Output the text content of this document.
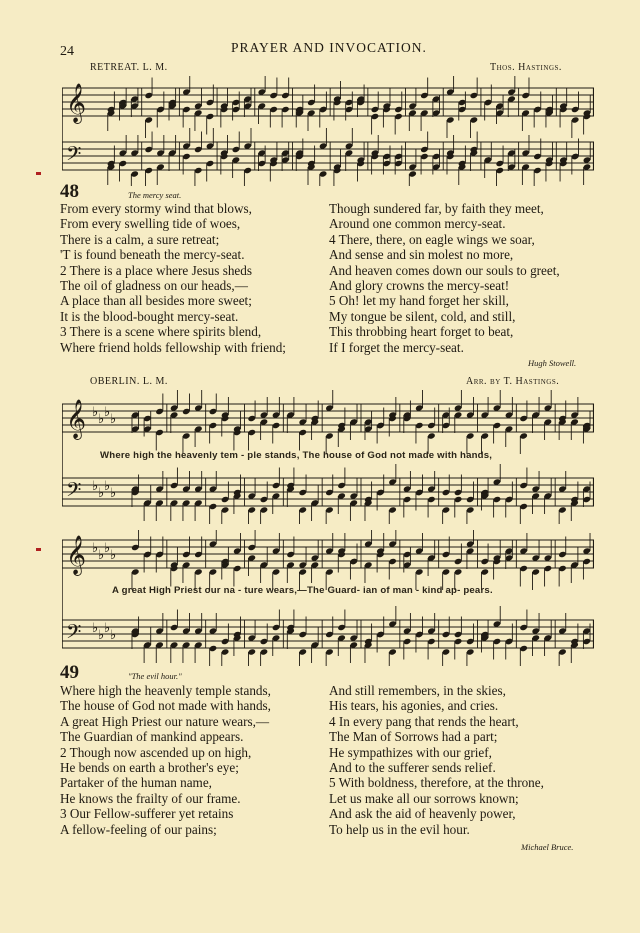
24	PRAYER AND INVOCATION.
RETREAT. L. M.	Thos. Hastings.
𝄞
𝄢
48	The mercy seat.
From every stormy wind that blows,
From every swelling tide of woes,
There is a calm, a sure retreat;
'T is found beneath the mercy-seat.
2 There is a place where Jesus sheds
The oil of gladness on our heads,—
A place than all besides more sweet;
It is the blood-bought mercy-seat.
3 There is a scene where spirits blend,
Where friend holds fellowship with friend;
Though sundered far, by faith they meet,
Around one common mercy-seat.
4 There, there, on eagle wings we soar,
And sense and sin molest no more,
And heaven comes down our souls to greet,
And glory crowns the mercy-seat!
5 Oh! let my hand forget her skill,
My tongue be silent, cold, and still,
This throbbing heart forget to beat,
If I forget the mercy-seat.
Hugh Stowell.
OBERLIN. L. M.	Arr. by T. Hastings.
𝄞 ♭ ♭ ♭ ♭
𝄢 ♭ ♭ ♭ ♭
Where high the heavenly tem - ple stands, The house of God not made with hands,
𝄞 ♭ ♭ ♭ ♭
𝄢 ♭ ♭ ♭ ♭
A great High Priest our na - ture wears,—The Guard- ian of man - kind ap- pears.
49	"The evil hour."
Where high the heavenly temple stands,
The house of God not made with hands,
A great High Priest our nature wears,—
The Guardian of mankind appears.
2 Though now ascended up on high,
He bends on earth a brother's eye;
Partaker of the human name,
He knows the frailty of our frame.
3 Our Fellow-sufferer yet retains
A fellow-feeling of our pains;
And still remembers, in the skies,
His tears, his agonies, and cries.
4 In every pang that rends the heart,
The Man of Sorrows had a part;
He sympathizes with our grief,
And to the sufferer sends relief.
5 With boldness, therefore, at the throne,
Let us make all our sorrows known;
And ask the aid of heavenly power,
To help us in the evil hour.
Michael Bruce.
